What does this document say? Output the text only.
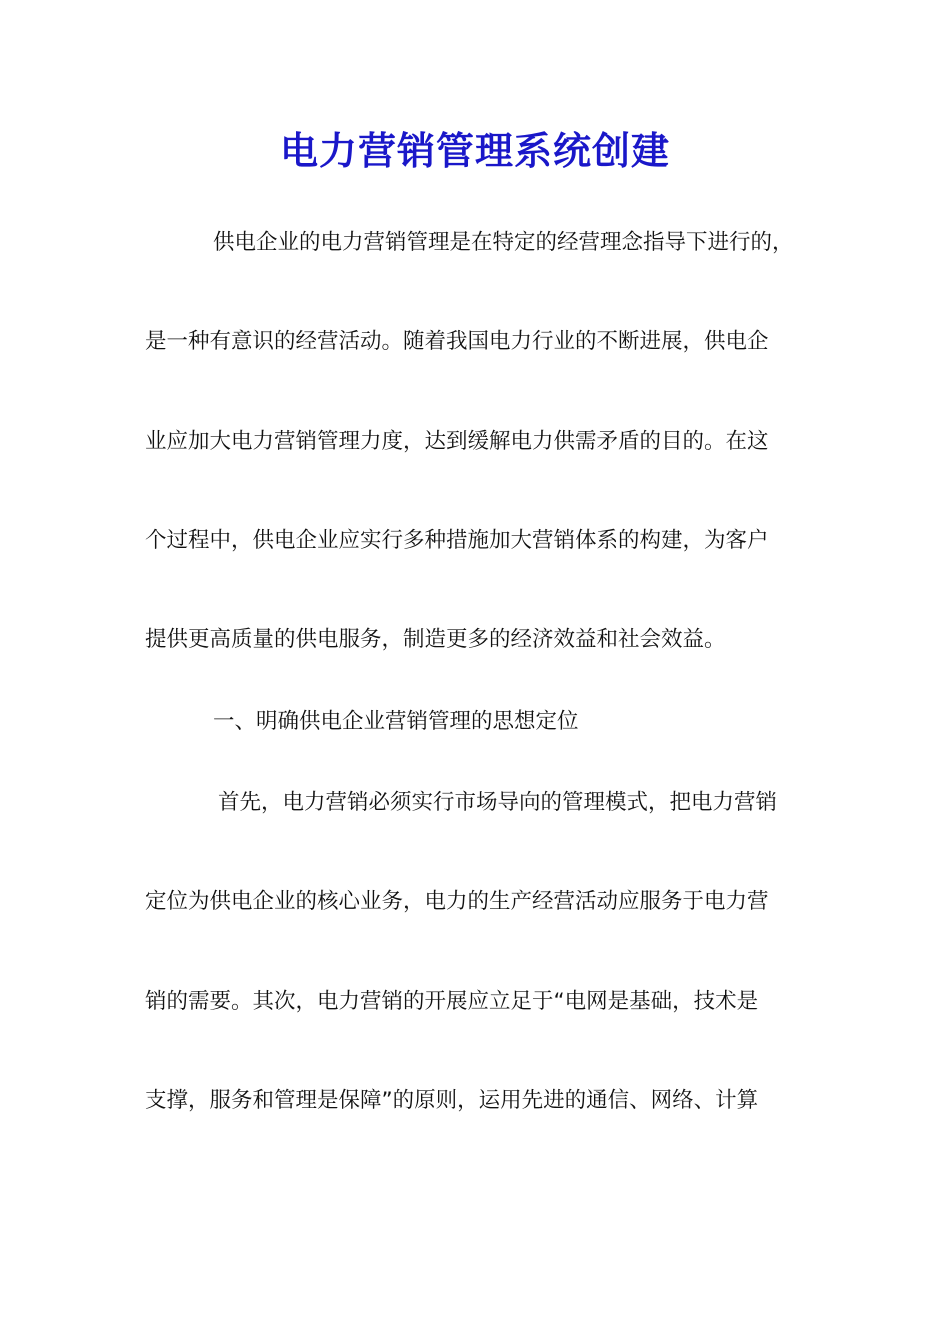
电力营销管理系统创建
供电企业的电力营销管理是在特定的经营理念指导下进行的，
是一种有意识的经营活动。随着我国电力行业的不断进展，供电企
业应加大电力营销管理力度，达到缓解电力供需矛盾的目的。在这
个过程中，供电企业应实行多种措施加大营销体系的构建，为客户
提供更高质量的供电服务，制造更多的经济效益和社会效益。
一、明确供电企业营销管理的思想定位
首先，电力营销必须实行市场导向的管理模式，把电力营销
定位为供电企业的核心业务，电力的生产经营活动应服务于电力营
销的需要。其次，电力营销的开展应立足于“电网是基础，技术是
支撑，服务和管理是保障”的原则，运用先进的通信、网络、计算
